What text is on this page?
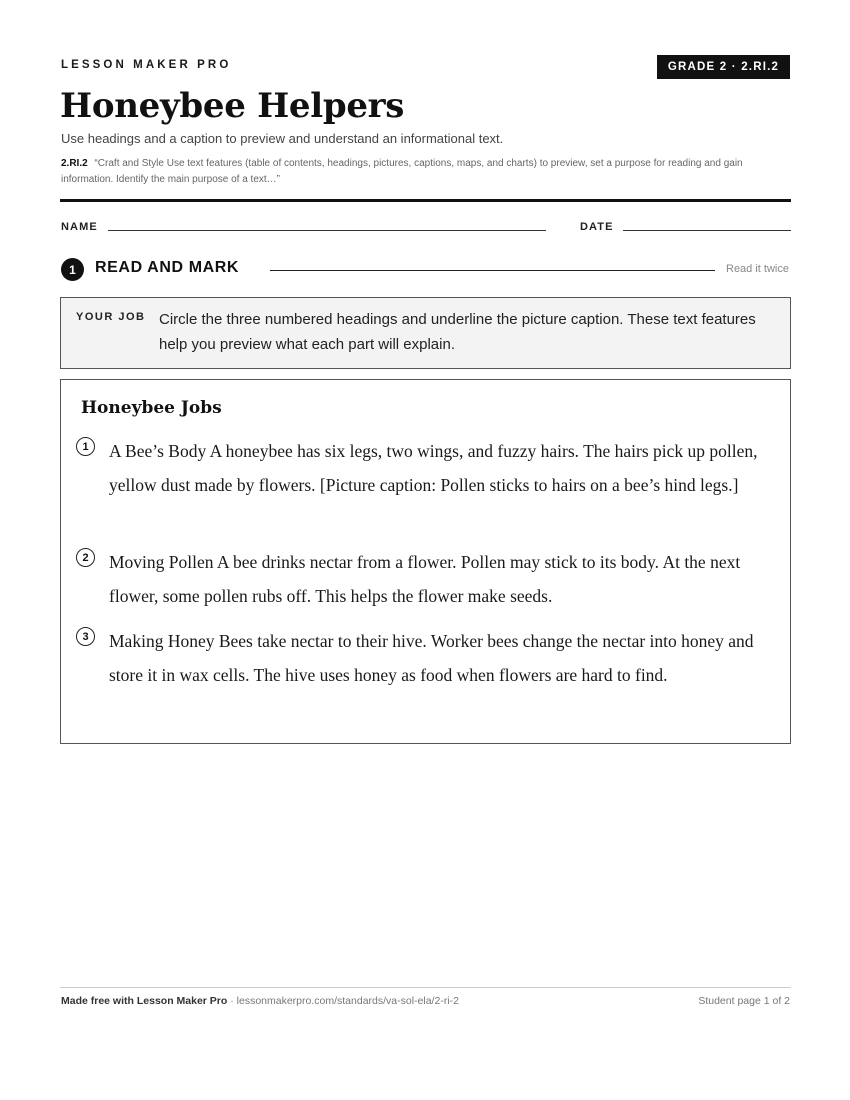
LESSON MAKER PRO	GRADE 2 · 2.RI.2
Honeybee Helpers
Use headings and a caption to preview and understand an informational text.
2.RI.2 “Craft and Style Use text features (table of contents, headings, pictures, captions, maps, and charts) to preview, set a purpose for reading and gain information. Identify the main purpose of a text…”
NAME	DATE
1	READ AND MARK	Read it twice
YOUR JOB Circle the three numbered headings and underline the picture caption. These text features help you preview what each part will explain.
Honeybee Jobs
1	A Bee’s Body A honeybee has six legs, two wings, and fuzzy hairs. The hairs pick up pollen, yellow dust made by flowers. [Picture caption: Pollen sticks to hairs on a bee’s hind legs.]
2	Moving Pollen A bee drinks nectar from a flower. Pollen may stick to its body. At the next flower, some pollen rubs off. This helps the flower make seeds.
3	Making Honey Bees take nectar to their hive. Worker bees change the nectar into honey and store it in wax cells. The hive uses honey as food when flowers are hard to find.
Made free with Lesson Maker Pro · lessonmakerpro.com/standards/va-sol-ela/2-ri-2	Student page 1 of 2
